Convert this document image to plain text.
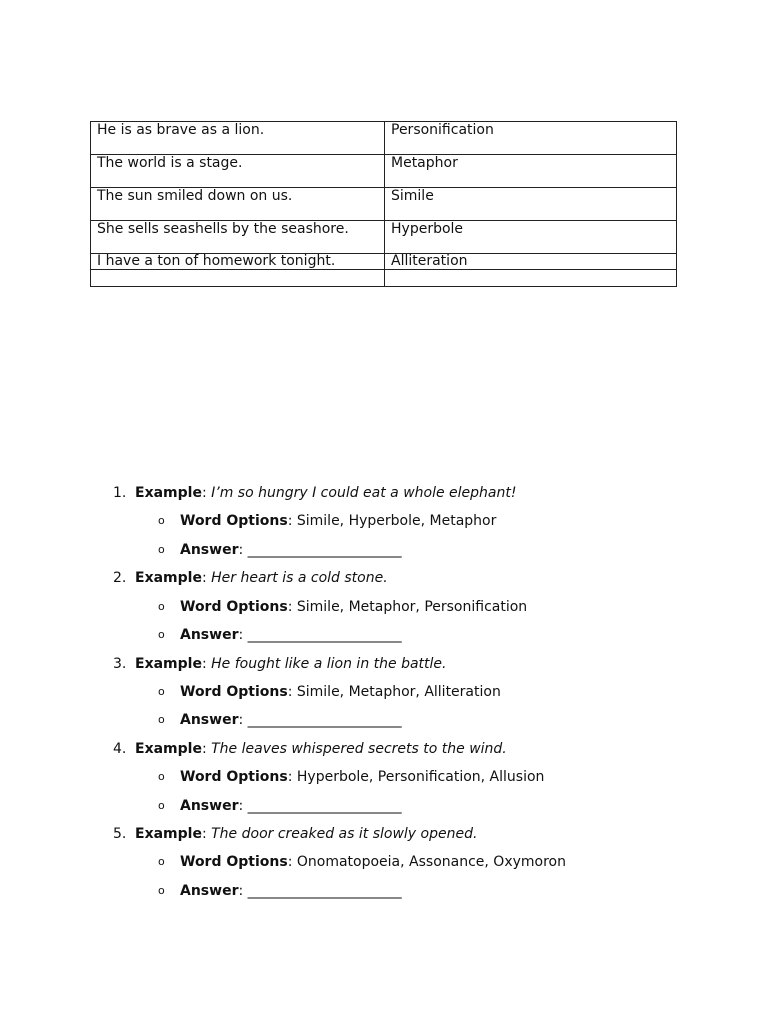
He is as brave as a lion.	Personification
The world is a stage.	Metaphor
The sun smiled down on us.	Simile
She sells seashells by the seashore.	Hyperbole
I have a ton of homework tonight.	Alliteration

1. Example: I’m so hungry I could eat a whole elephant!
o Word Options: Simile, Hyperbole, Metaphor
o Answer: ______________________
2. Example: Her heart is a cold stone.
o Word Options: Simile, Metaphor, Personification
o Answer: ______________________
3. Example: He fought like a lion in the battle.
o Word Options: Simile, Metaphor, Alliteration
o Answer: ______________________
4. Example: The leaves whispered secrets to the wind.
o Word Options: Hyperbole, Personification, Allusion
o Answer: ______________________
5. Example: The door creaked as it slowly opened.
o Word Options: Onomatopoeia, Assonance, Oxymoron
o Answer: ______________________
